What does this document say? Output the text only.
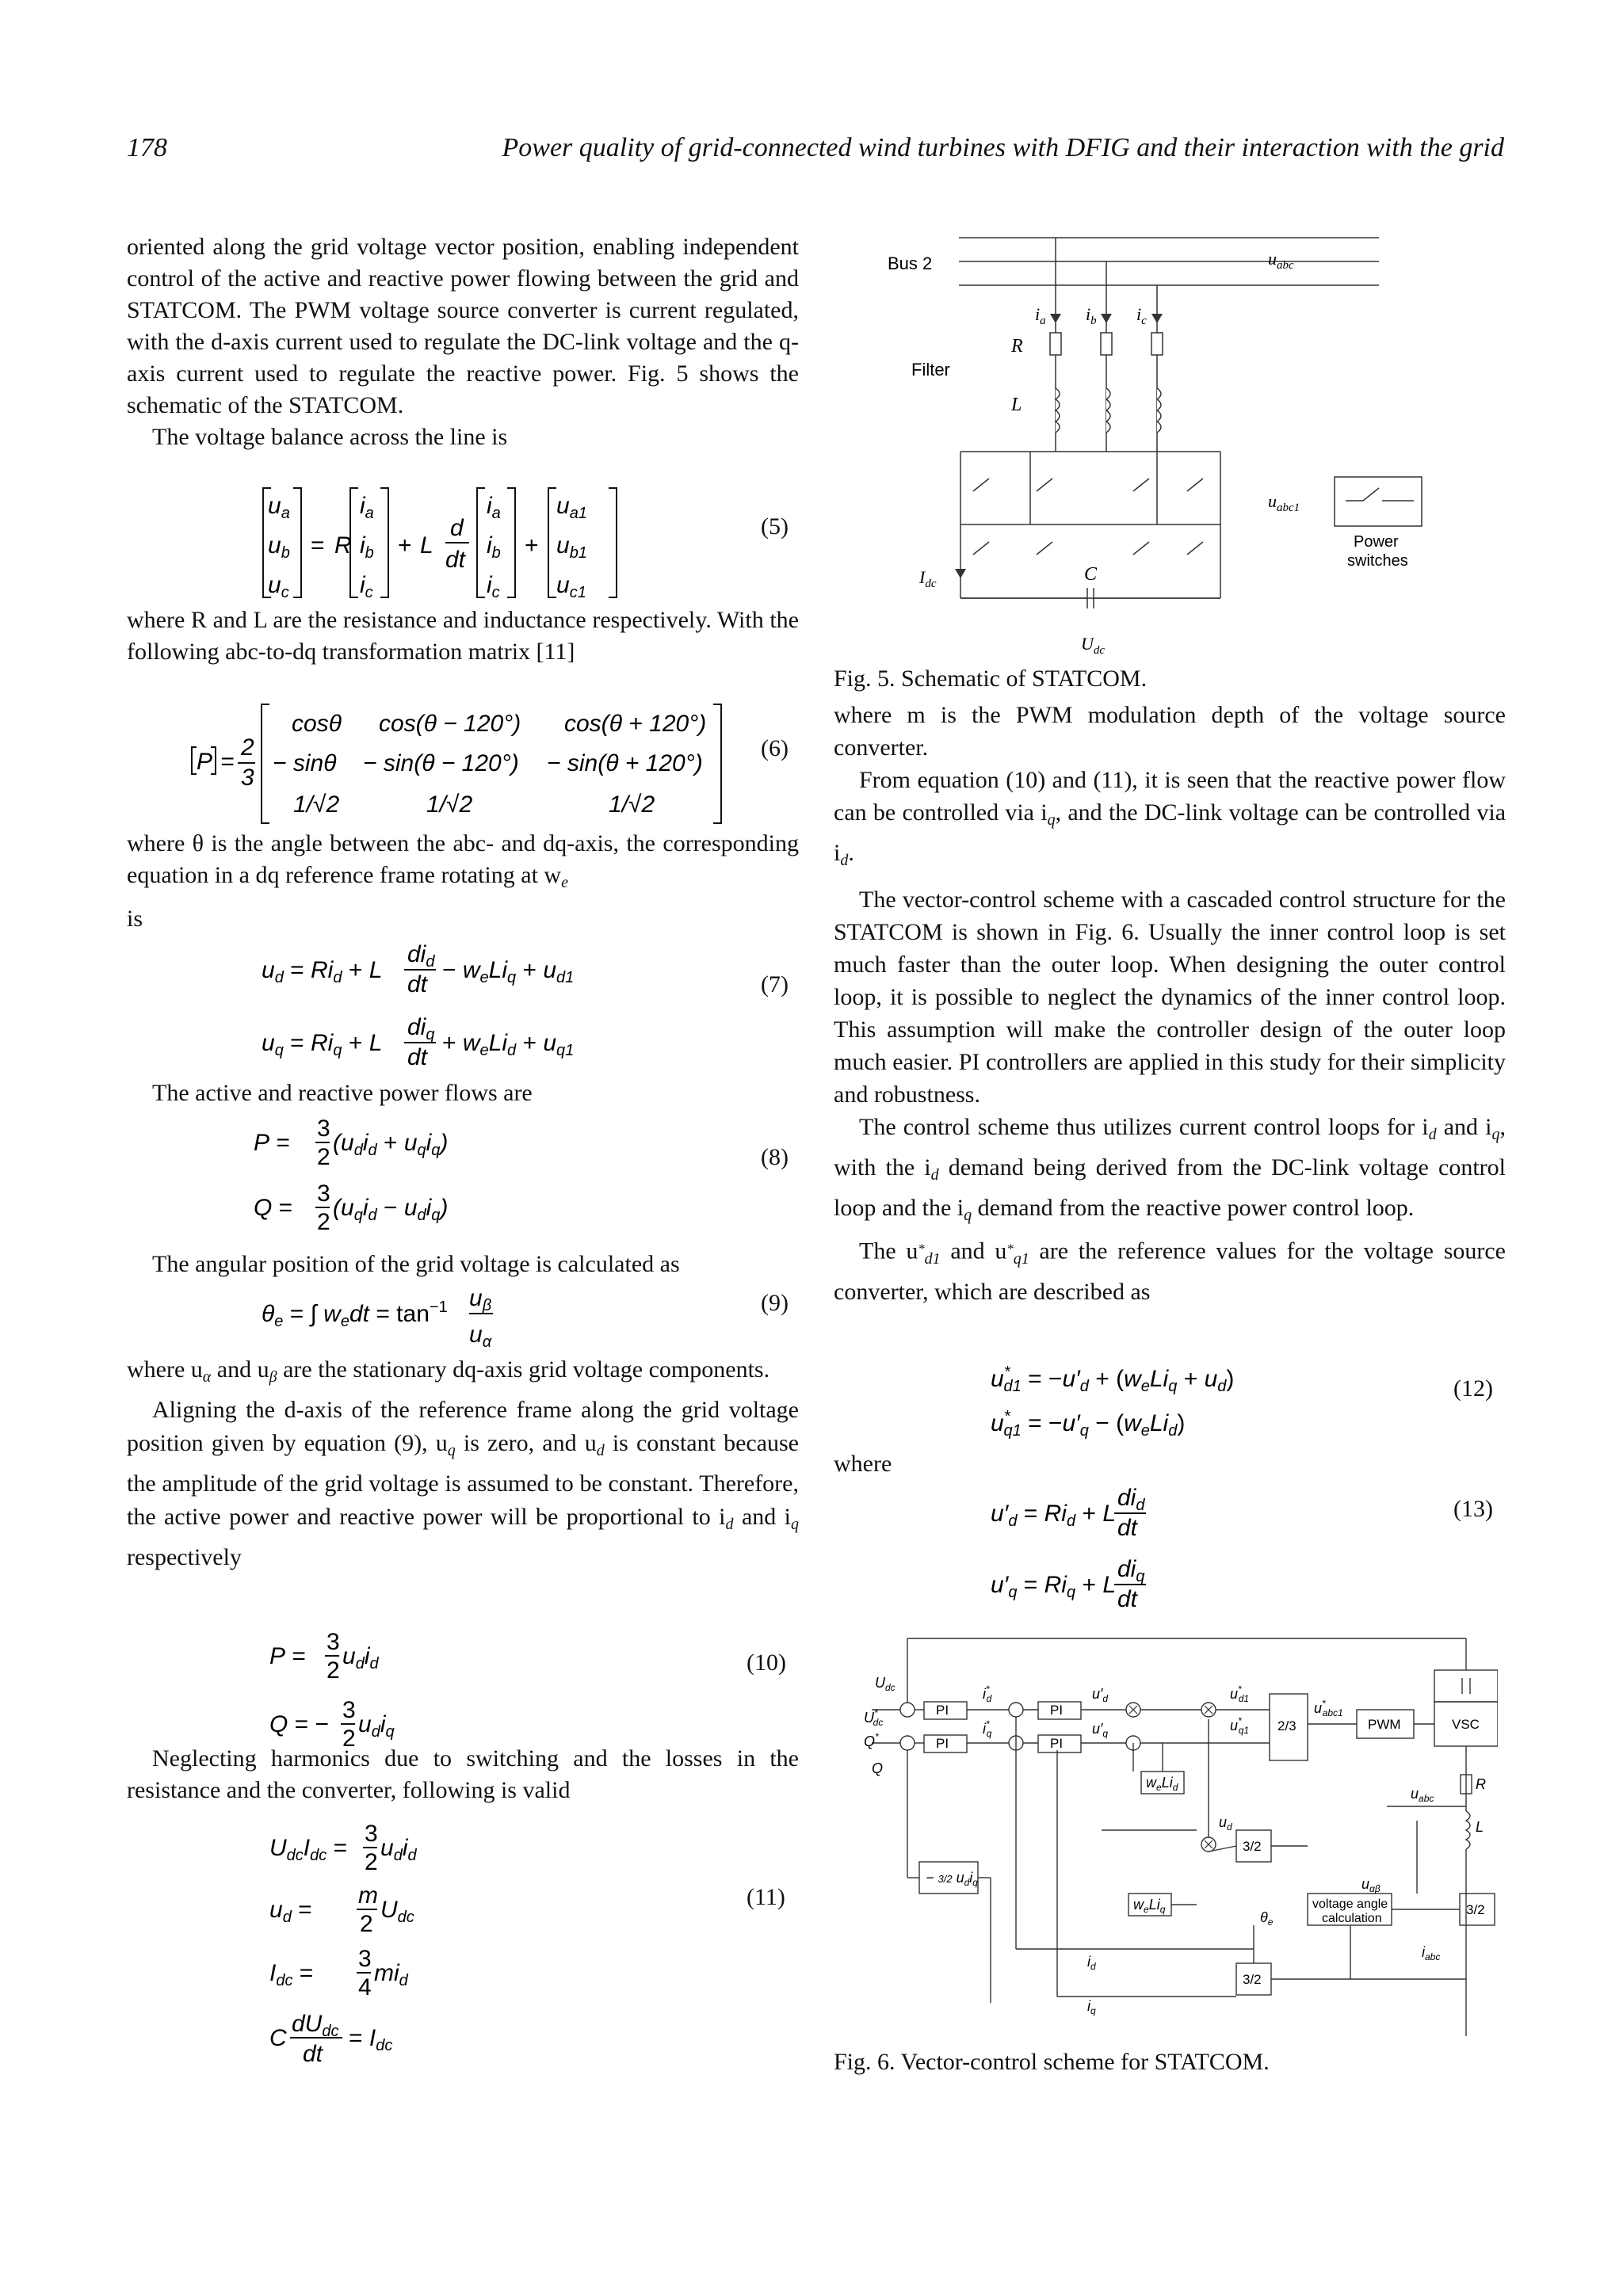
178	Power quality of grid-connected wind turbines with DFIG and their interaction with the grid

oriented along the grid voltage vector position, enabling independent control of the active and reactive power flowing between the grid and STATCOM. The PWM voltage source converter is current regulated, with the d-axis current used to regulate the DC-link voltage and the q-axis current used to regulate the reactive power. Fig. 5 shows the schematic of the STATCOM.

The voltage balance across the line is

$u_a$
$u_b$
$u_c$
= R
$i_a$
$i_b$
$i_c$
+ L
d
dt
$i_a$
$i_b$
$i_c$
+
$u_{a1}$
$u_{b1}$
$u_{c1}$
(5)

where R and L are the resistance and inductance respectively. With the following abc-to-dq transformation matrix [11]

P =
2
3
cosθ cos(θ − 120°) cos(θ + 120°)
− sinθ − sin(θ − 120°) − sin(θ + 120°)
1/√2	1/√2	1/√2
(6)

where θ is the angle between the abc- and dq-axis, the corresponding equation in a dq reference frame rotating at $w_e$

is

$u_d = Ri_d + L$
$di_d$
dt
− $w_eLi_q + u_{d1}$
$u_q = Ri_q + L$
$di_q$
dt
+ $w_eLi_d + u_{q1}$
(7)

The active and reactive power flows are

P =
3
2
$(u_di_d + u_qi_q)$
Q =
3
2
$(u_qi_d - u_di_q)$
(8)

The angular position of the grid voltage is calculated as

$\theta_e$ = ∫ $w_edt = \tan^{-1} u_\beta$
$u_\alpha$
(9)

where $u_\alpha$ and $u_\beta$ are the stationary dq-axis grid voltage components.

Aligning the d-axis of the reference frame along the grid voltage position given by equation (9), $u_q$ is zero, and $u_d$ is constant because the amplitude of the grid voltage is assumed to be constant. Therefore, the active power and reactive power will be proportional to $i_d$ and $i_q$ respectively

P =
3
2
$u_di_d$
Q = −
3
2
$u_di_q$
(10)

Neglecting harmonics due to switching and the losses in the resistance and the converter, following is valid

$U_{dc}I_{dc}$ =
3
2
$u_di_d$
$u_d$ =
m
2
$U_{dc}$
$I_{dc}$ =
3
4
$mi_d$
C
$dU_{dc}$
dt
= $I_{dc}$
(11)
Bus 2
Filter
R
L
$i_a$ $i_b$ $i_c$
$u_{abc}$
$u_{abc1}$
$I_{dc}$	C
$U_{dc}$
Power
switches
Fig. 5. Schematic of STATCOM.

where m is the PWM modulation depth of the voltage source converter.

From equation (10) and (11), it is seen that the reactive power flow can be controlled via $i_q$, and the DC-link voltage can be controlled via $i_d$.

The vector-control scheme with a cascaded control structure for the STATCOM is shown in Fig. 6. Usually the inner control loop is set much faster than the outer loop. When designing the outer control loop, it is possible to neglect the dynamics of the inner control loop. This assumption will make the controller design of the outer loop much easier. PI controllers are applied in this study for their simplicity and robustness.

The control scheme thus utilizes current control loops for $i_d$ and $i_q$, with the $i_d$ demand being derived from the DC-link voltage control loop and the $i_q$ demand from the reactive power control loop.

The u*d1 and u*q1 are the reference values for the voltage source converter, which are described as

u* $d1 = -u'_d + (w_eLi_q + u_d)$
u* $q1 = -u'_q - (w_eLi_d)$
(12)

where

$u'_d = Ri_d + L$
$di_d$
dt
$u'_q = Ri_q + L$
$di_q$
dt
(13)
PI
PI
PI
PI
2/3	PWM	VSC
3/2
3/2
3/2
voltage angle
calculation
R
L
$w_eLi_d$
$w_eLi_q$
− 3/2 $u_di_q$
$U_{dc}$
U* dc
Q*
Q
i* d
i* q
$u'_d$
$u'_q$
u* d1
u* q1
u* abc1
$u_{abc}$
$u_d$
$u_{\alpha\beta}$
$\theta_e$
$i_d$
$i_q$
$i_{abc}$
Fig. 6. Vector-control scheme for STATCOM.
